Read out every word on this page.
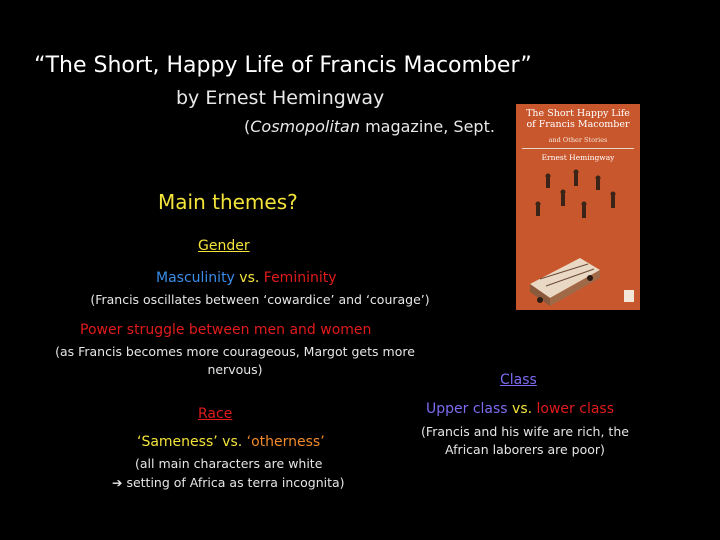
“The Short, Happy Life of Francis Macomber”
by Ernest Hemingway
(Cosmopolitan magazine, Sept.
The Short Happy Life of Francis Macomber
and Other Stories
Ernest Hemingway
Main themes?
Gender
Masculinity vs. Femininity
(Francis oscillates between ‘cowardice’ and ‘courage’)
Power struggle between men and women
(as Francis becomes more courageous, Margot gets more nervous)
Race
‘Sameness’ vs. ‘otherness’
(all main characters are white
➔ setting of Africa as terra incognita)
Class
Upper class vs. lower class
(Francis and his wife are rich, the African laborers are poor)
